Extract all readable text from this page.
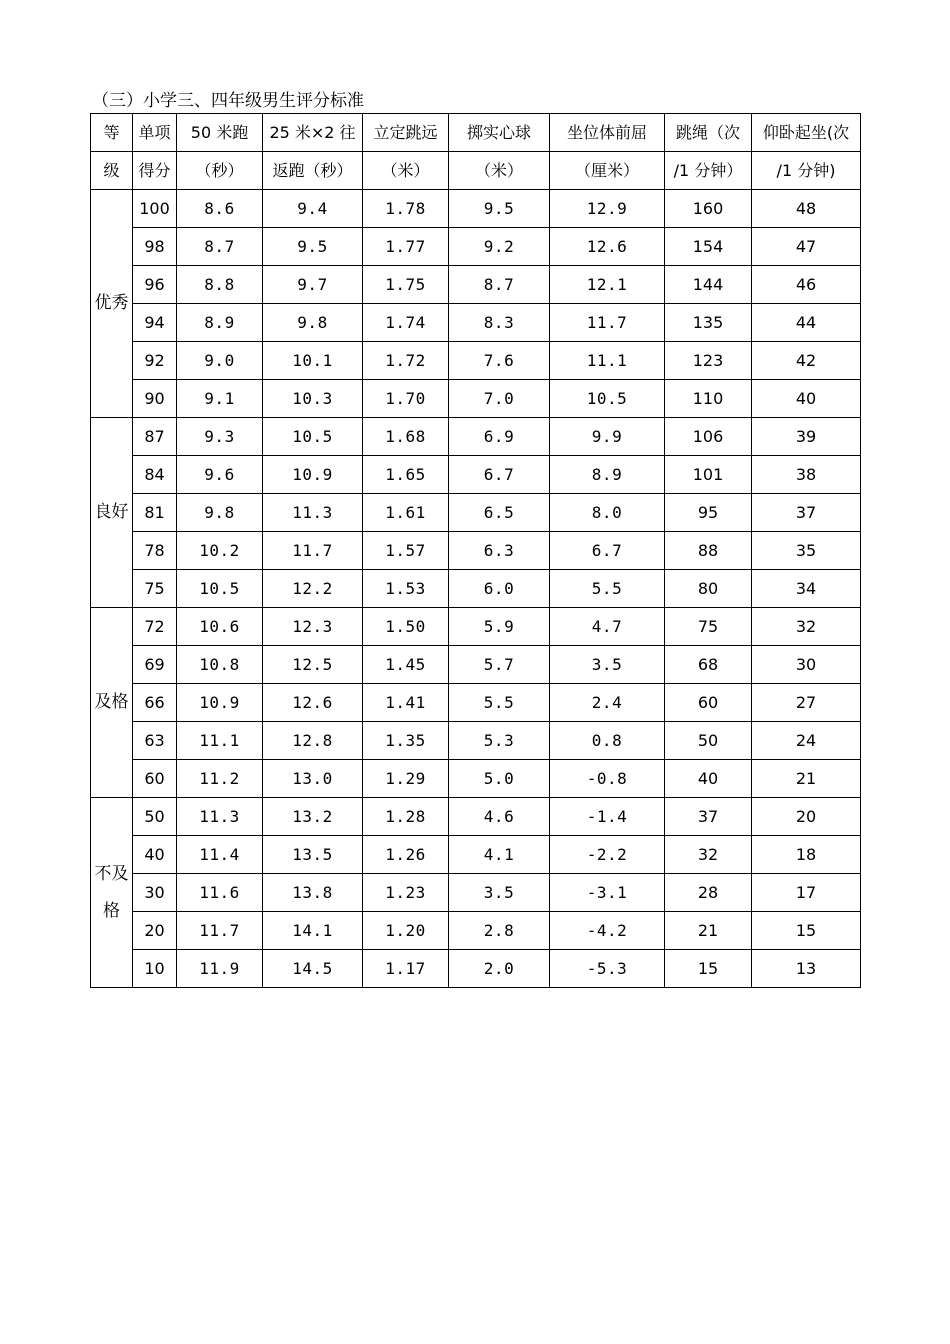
（三）小学三、四年级男生评分标准
等	单项	50 米跑	25 米×2 往	立定跳远	掷实心球	坐位体前屈	跳绳（次	仰卧起坐(次
级	得分	（秒）	返跑（秒）	（米）	（米）	（厘米）	/1 分钟）	/1 分钟)

优秀	100	8.6	9.4	1.78	9.5	12.9	160	48
	98	8.7	9.5	1.77	9.2	12.6	154	47
	96	8.8	9.7	1.75	8.7	12.1	144	46
	94	8.9	9.8	1.74	8.3	11.7	135	44
	92	9.0	10.1	1.72	7.6	11.1	123	42
	90	9.1	10.3	1.70	7.0	10.5	110	40

良好	87	9.3	10.5	1.68	6.9	9.9	106	39
	84	9.6	10.9	1.65	6.7	8.9	101	38
	81	9.8	11.3	1.61	6.5	8.0	95	37
	78	10.2	11.7	1.57	6.3	6.7	88	35
	75	10.5	12.2	1.53	6.0	5.5	80	34

及格	72	10.6	12.3	1.50	5.9	4.7	75	32
	69	10.8	12.5	1.45	5.7	3.5	68	30
	66	10.9	12.6	1.41	5.5	2.4	60	27
	63	11.1	12.8	1.35	5.3	0.8	50	24
	60	11.2	13.0	1.29	5.0	-0.8	40	21

不及
格	50	11.3	13.2	1.28	4.6	-1.4	37	20
	40	11.4	13.5	1.26	4.1	-2.2	32	18
	30	11.6	13.8	1.23	3.5	-3.1	28	17
	20	11.7	14.1	1.20	2.8	-4.2	21	15
	10	11.9	14.5	1.17	2.0	-5.3	15	13
